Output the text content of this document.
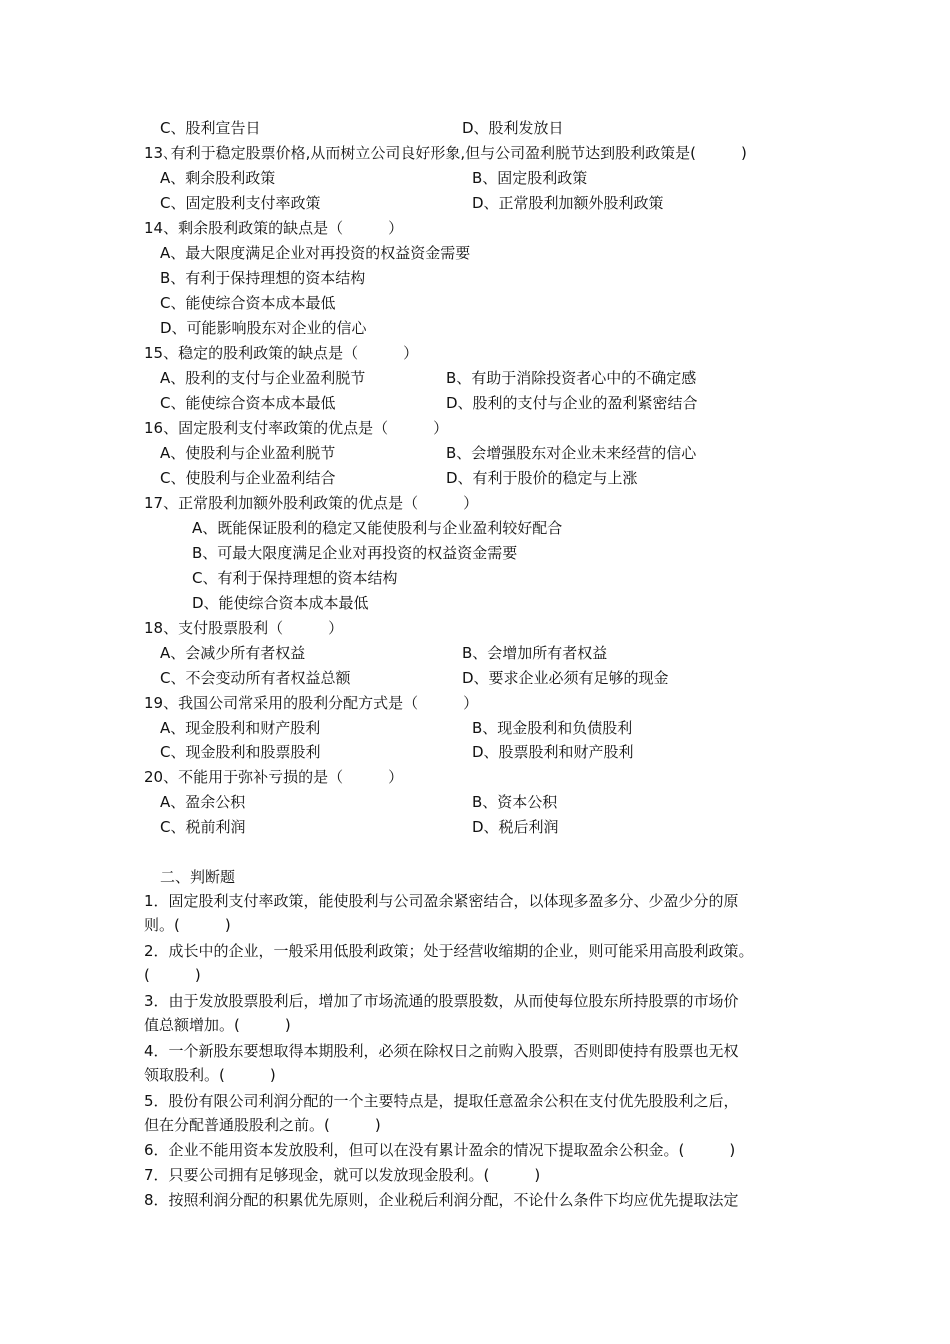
C、股利宣告日	D、股利发放日
13､有利于稳定股票价格,从而树立公司良好形象,但与公司盈利脱节达到股利政策是(　　　)
A、剩余股利政策	B、固定股利政策
C、固定股利支付率政策	D、正常股利加额外股利政策
14、剩余股利政策的缺点是（　　　）
A、最大限度满足企业对再投资的权益资金需要
B、有利于保持理想的资本结构
C、能使综合资本成本最低
D、可能影响股东对企业的信心
15、稳定的股利政策的缺点是（　　　）
A、股利的支付与企业盈利脱节	B、有助于消除投资者心中的不确定感
C、能使综合资本成本最低	D、股利的支付与企业的盈利紧密结合
16、固定股利支付率政策的优点是（　　　）
A、使股利与企业盈利脱节	B、会增强股东对企业未来经营的信心
C、使股利与企业盈利结合	D、有利于股价的稳定与上涨
17、正常股利加额外股利政策的优点是（　　　）
A、既能保证股利的稳定又能使股利与企业盈利较好配合
B、可最大限度满足企业对再投资的权益资金需要
C、有利于保持理想的资本结构
D、能使综合资本成本最低
18、支付股票股利（　　　）
A、会减少所有者权益	B、会增加所有者权益
C、不会变动所有者权益总额	D、要求企业必须有足够的现金
19、我国公司常采用的股利分配方式是（　　　）
A、现金股利和财产股利	B、现金股利和负债股利
C、现金股利和股票股利	D、股票股利和财产股利
20、不能用于弥补亏损的是（　　　）
A、盈余公积	B、资本公积
C、税前利润	D、税后利润
二、判断题
1．固定股利支付率政策，能使股利与公司盈余紧密结合，以体现多盈多分、少盈少分的原
则。(　　　)
2．成长中的企业，一般采用低股利政策；处于经营收缩期的企业，则可能采用高股利政策。
(　　　)
3．由于发放股票股利后，增加了市场流通的股票股数，从而使每位股东所持股票的市场价
值总额增加。(　　　)
4．一个新股东要想取得本期股利，必须在除权日之前购入股票，否则即使持有股票也无权
领取股利。(　　　)
5．股份有限公司利润分配的一个主要特点是，提取任意盈余公积在支付优先股股利之后，
但在分配普通股股利之前。(　　　)
6．企业不能用资本发放股利，但可以在没有累计盈余的情况下提取盈余公积金。(　　　)
7．只要公司拥有足够现金，就可以发放现金股利。(　　　)
8．按照利润分配的积累优先原则，企业税后利润分配，不论什么条件下均应优先提取法定
